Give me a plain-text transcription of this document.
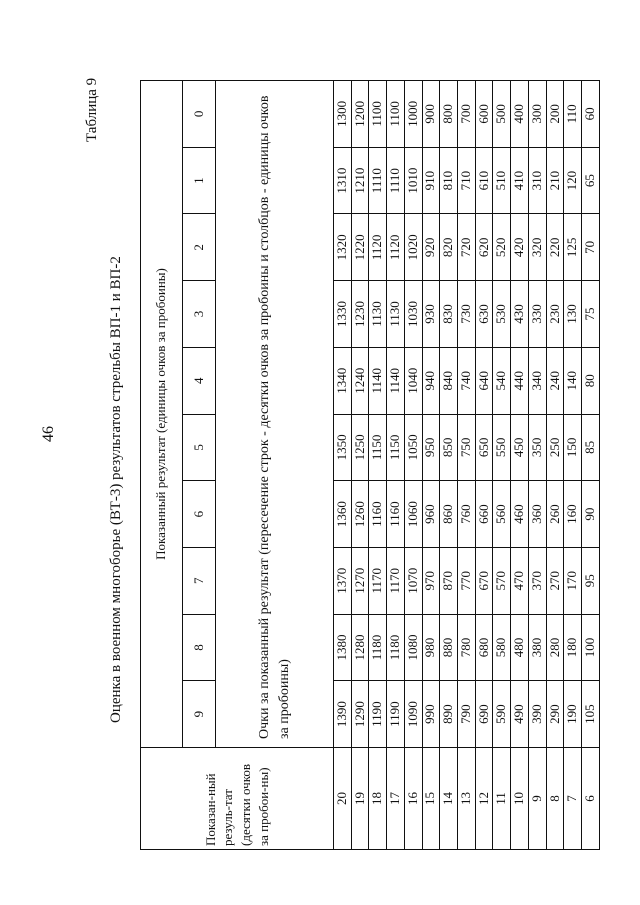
46
Таблица 9
Оценка в военном многоборье (ВТ-3) результатов стрельбы ВП-1 и ВП-2
Показан-ный резуль-тат (десятки очков за пробои-ны)	Показанный результат (единицы очков за пробоины)									
	9	8	7	6	5	4	3	2	1	0
	Очки за показанный результат (пересечение строк - десятки очков за пробоины и столбцов - единицы очков за пробоины)									
20	1390	1380	1370	1360	1350	1340	1330	1320	1310	1300
19	1290	1280	1270	1260	1250	1240	1230	1220	1210	1200
18	1190	1180	1170	1160	1150	1140	1130	1120	1110	1100
17	1190	1180	1170	1160	1150	1140	1130	1120	1110	1100
16	1090	1080	1070	1060	1050	1040	1030	1020	1010	1000
15	990	980	970	960	950	940	930	920	910	900
14	890	880	870	860	850	840	830	820	810	800
13	790	780	770	760	750	740	730	720	710	700
12	690	680	670	660	650	640	630	620	610	600
11	590	580	570	560	550	540	530	520	510	500
10	490	480	470	460	450	440	430	420	410	400
9	390	380	370	360	350	340	330	320	310	300
8	290	280	270	260	250	240	230	220	210	200
7	190	180	170	160	150	140	130	125	120	110
6	105	100	95	90	85	80	75	70	65	60
